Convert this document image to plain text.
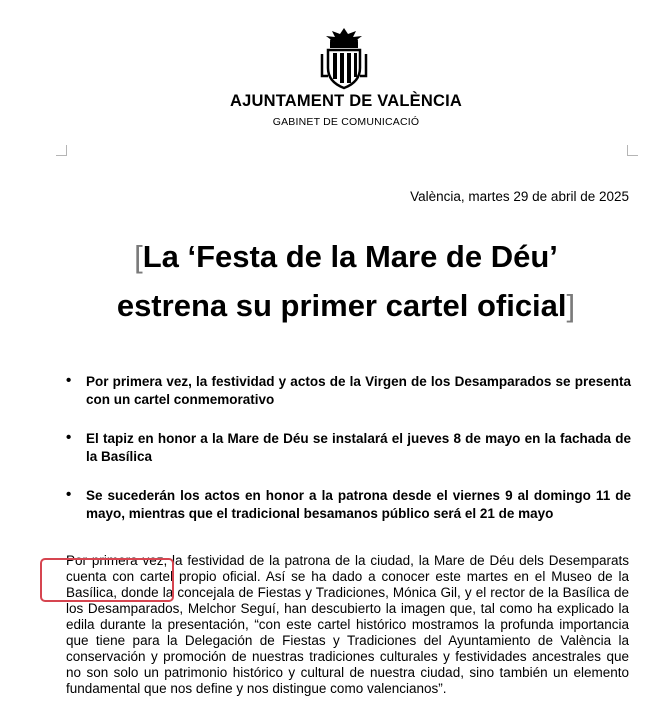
AJUNTAMENT DE VALÈNCIA
GABINET DE COMUNICACIÓ
València, martes 29 de abril de 2025
[La ‘Festa de la Mare de Déu’
estrena su primer cartel oficial]
• Por primera vez, la festividad y actos de la Virgen de los Desamparados se presenta con un cartel conmemorativo
• El tapiz en honor a la Mare de Déu se instalará el jueves 8 de mayo en la fachada de la Basílica
• Se sucederán los actos en honor a la patrona desde el viernes 9 al domingo 11 de mayo, mientras que el tradicional besamanos público será el 21 de mayo

Por primera vez, la festividad de la patrona de la ciudad, la Mare de Déu dels Desemparats cuenta con cartel propio oficial. Así se ha dado a conocer este martes en el Museo de la Basílica, donde la concejala de Fiestas y Tradiciones, Mónica Gil, y el rector de la Basílica de los Desamparados, Melchor Seguí, han descubierto la imagen que, tal como ha explicado la edila durante la presentación, “con este cartel histórico mostramos la profunda importancia que tiene para la Delegación de Fiestas y Tradiciones del Ayuntamiento de València la conservación y promoción de nuestras tradiciones culturales y festividades ancestrales que no son solo un patrimonio histórico y cultural de nuestra ciudad, sino también un elemento fundamental que nos define y nos distingue como valencianos”.
